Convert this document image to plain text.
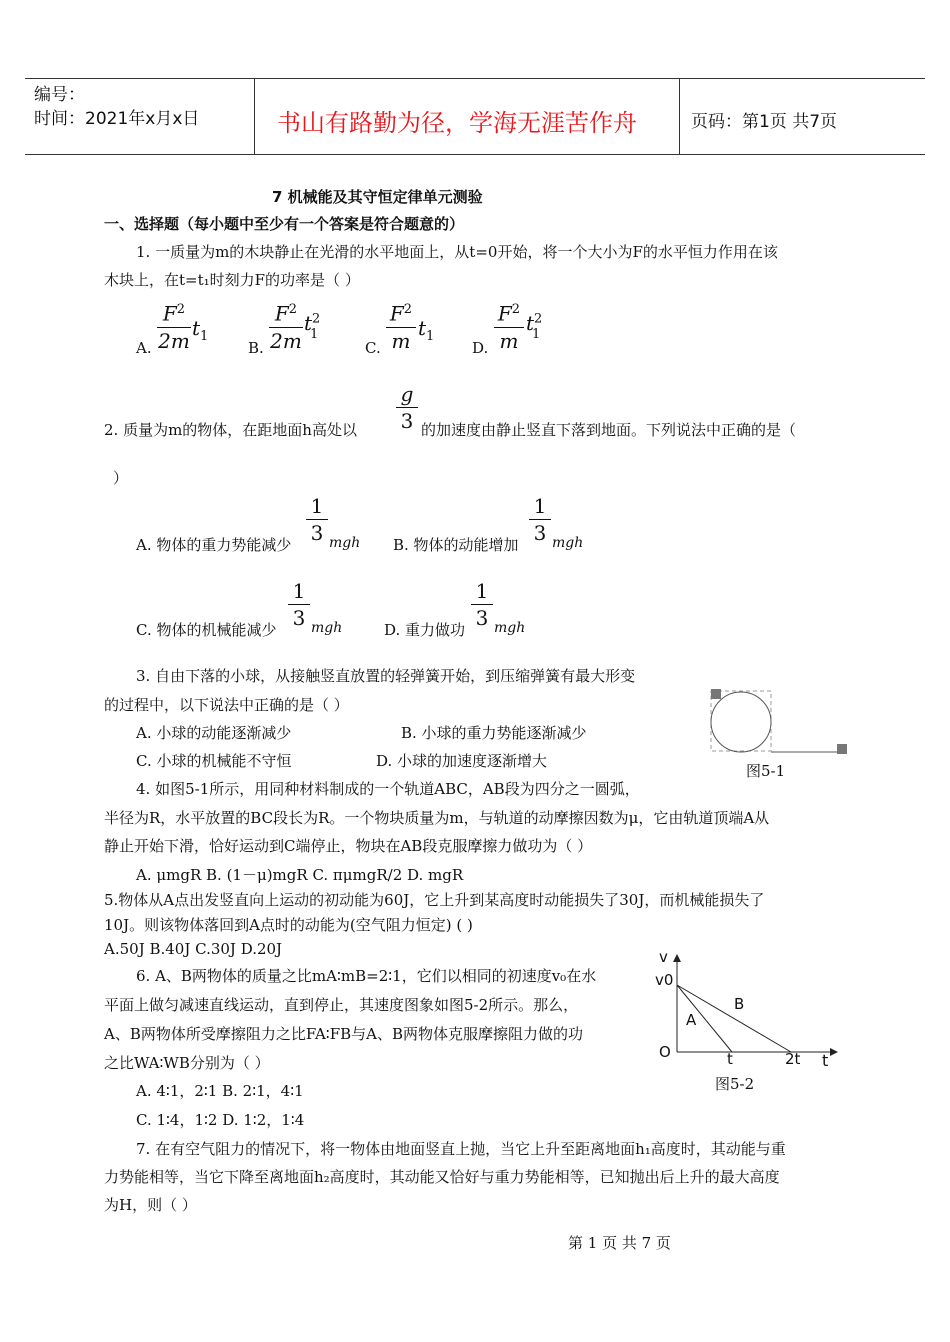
编号：
时间：2021年x月x日	书山有路勤为径，学海无涯苦作舟	页码：第1页 共7页
7 机械能及其守恒定律单元测验
一、选择题（每小题中至少有一个答案是符合题意的）
1. 一质量为m的木块静止在光滑的水平地面上，从t=0开始，将一个大小为F的水平恒力作用在该
木块上，在t=t₁时刻力F的功率是（ ）
A.
$F^2$
2m
$t_1$
B.
$F^2$
2m
$t^2$
1
C.
$F^2$
m
$t_1$
D.
$F^2$
m
$t^2$
1
2. 质量为m的物体，在距地面h高处以
g
3 的加速度由静止竖直下落到地面。下列说法中正确的是（
）
A. 物体的重力势能减少
1
3 mgh B. 物体的动能增加
1
3 mgh
C. 物体的机械能减少
1
3 mgh	D. 重力做功
1
3 mgh
3. 自由下落的小球，从接触竖直放置的轻弹簧开始，到压缩弹簧有最大形变
的过程中，以下说法中正确的是（ ）
A. 小球的动能逐渐减少	B. 小球的重力势能逐渐减少
C. 小球的机械能不守恒	D. 小球的加速度逐渐增大
图5-1
4. 如图5-1所示，用同种材料制成的一个轨道ABC，AB段为四分之一圆弧，
半径为R，水平放置的BC段长为R。一个物块质量为m，与轨道的动摩擦因数为μ，它由轨道顶端A从
静止开始下滑，恰好运动到C端停止，物块在AB段克服摩擦力做功为（ ）
A. μmgR B. (1－μ)mgR C. πμmgR/2 D. mgR
5.物体从A点出发竖直向上运动的初动能为60J，它上升到某高度时动能损失了30J，而机械能损失了
10J。则该物体落回到A点时的动能为(空气阻力恒定) ( )
A.50J B.40J C.30J D.20J
6. A、B两物体的质量之比mA∶mB=2∶1，它们以相同的初速度v₀在水
平面上做匀减速直线运动，直到停止，其速度图象如图5-2所示。那么，
A、B两物体所受摩擦阻力之比FA∶FB与A、B两物体克服摩擦阻力做的功
之比WA∶WB分别为（ ）
A. 4∶1，2∶1 B. 2∶1，4∶1
C. 1∶4，1∶2 D. 1∶2，1∶4
v
v0
B
A
O	t	2t t
图5-2
7. 在有空气阻力的情况下，将一物体由地面竖直上抛，当它上升至距离地面h₁高度时，其动能与重
力势能相等，当它下降至离地面h₂高度时，其动能又恰好与重力势能相等，已知抛出后上升的最大高度
为H，则（ ）
第 1 页 共 7 页
